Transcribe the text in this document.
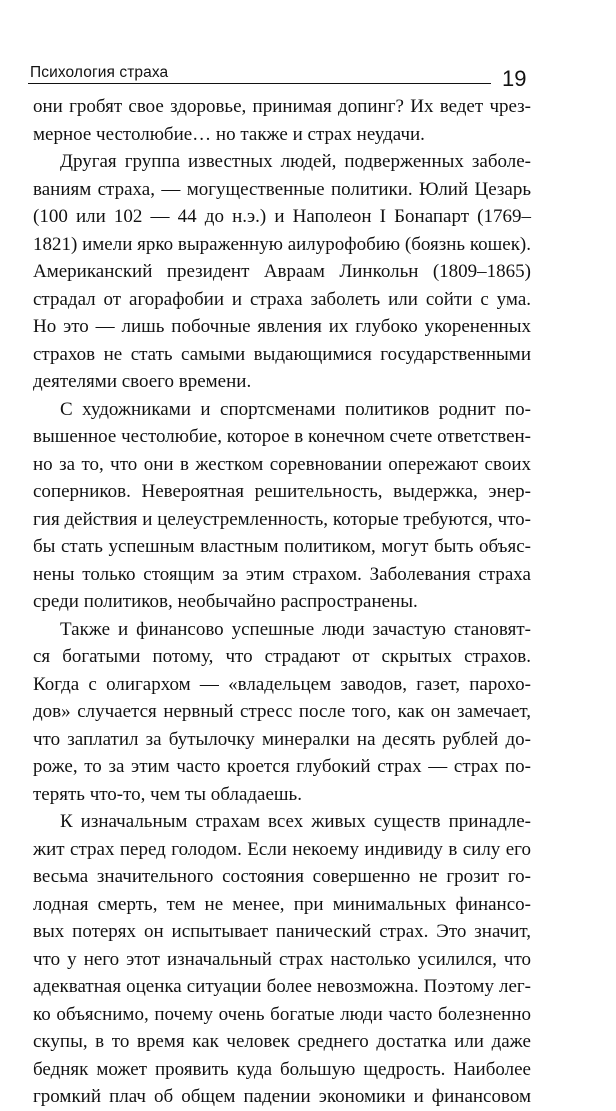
Психология страха	19
они гробят свое здоровье, принимая допинг? Их ведет чрез-
мерное честолюбие… но также и страх неудачи.
Другая группа известных людей, подверженных заболе-
ваниям страха, — могущественные политики. Юлий Цезарь
(100 или 102 — 44 до н.э.) и Наполеон I Бонапарт (1769–
1821) имели ярко выраженную аилурофобию (боязнь кошек).
Американский президент Авраам Линкольн (1809–1865)
страдал от агорафобии и страха заболеть или сойти с ума.
Но это — лишь побочные явления их глубоко укорененных
страхов не стать самыми выдающимися государственными
деятелями своего времени.
С художниками и спортсменами политиков роднит по-
вышенное честолюбие, которое в конечном счете ответствен-
но за то, что они в жестком соревновании опережают своих
соперников. Невероятная решительность, выдержка, энер-
гия действия и целеустремленность, которые требуются, что-
бы стать успешным властным политиком, могут быть объяс-
нены только стоящим за этим страхом. Заболевания страха
среди политиков, необычайно распространены.
Также и финансово успешные люди зачастую становят-
ся богатыми потому, что страдают от скрытых страхов.
Когда с олигархом — «владельцем заводов, газет, парохо-
дов» случается нервный стресс после того, как он замечает,
что заплатил за бутылочку минералки на десять рублей до-
роже, то за этим часто кроется глубокий страх — страх по-
терять что-то, чем ты обладаешь.
К изначальным страхам всех живых существ принадле-
жит страх перед голодом. Если некоему индивиду в силу его
весьма значительного состояния совершенно не грозит го-
лодная смерть, тем не менее, при минимальных финансо-
вых потерях он испытывает панический страх. Это значит,
что у него этот изначальный страх настолько усилился, что
адекватная оценка ситуации более невозможна. Поэтому лег-
ко объяснимо, почему очень богатые люди часто болезненно
скупы, в то время как человек среднего достатка или даже
бедняк может проявить куда большую щедрость. Наиболее
громкий плач об общем падении экономики и финансовом
